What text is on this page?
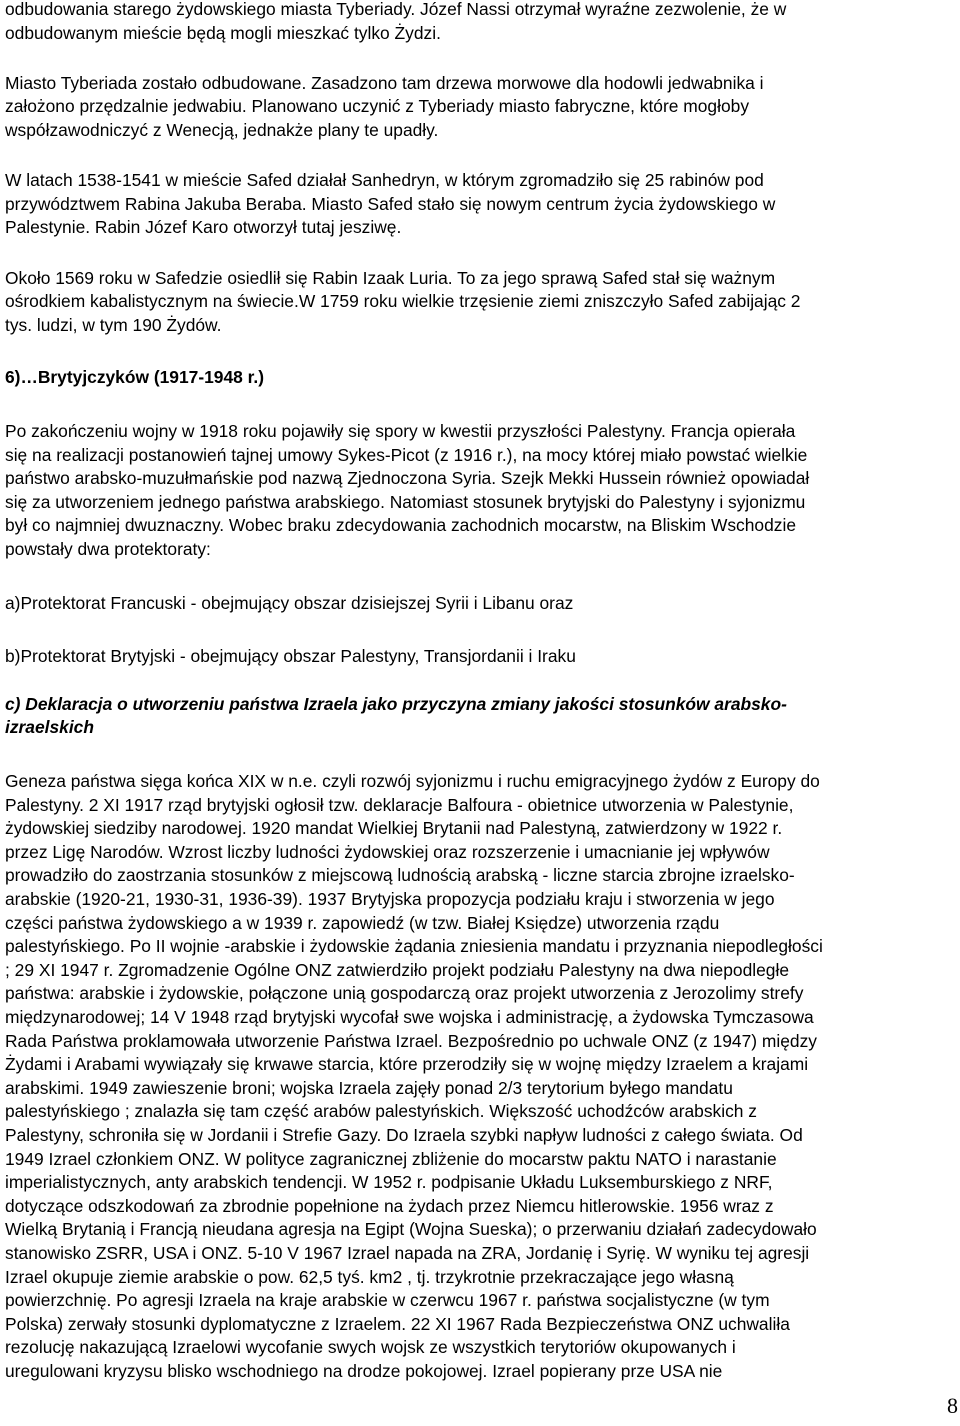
odbudowania starego żydowskiego miasta Tyberiady. Józef Nassi otrzymał wyraźne zezwolenie, że w
odbudowanym mieście będą mogli mieszkać tylko Żydzi.
Miasto Tyberiada zostało odbudowane. Zasadzono tam drzewa morwowe dla hodowli jedwabnika i
założono przędzalnie jedwabiu. Planowano uczynić z Tyberiady miasto fabryczne, które mogłoby
współzawodniczyć z Wenecją, jednakże plany te upadły.
W latach 1538-1541 w mieście Safed działał Sanhedryn, w którym zgromadziło się 25 rabinów pod
przywództwem Rabina Jakuba Beraba. Miasto Safed stało się nowym centrum życia żydowskiego w
Palestynie. Rabin Józef Karo otworzył tutaj jesziwę.
Około 1569 roku w Safedzie osiedlił się Rabin Izaak Luria. To za jego sprawą Safed stał się ważnym
ośrodkiem kabalistycznym na świecie.W 1759 roku wielkie trzęsienie ziemi zniszczyło Safed zabijając 2
tys. ludzi, w tym 190 Żydów.
6)…Brytyjczyków (1917-1948 r.)
Po zakończeniu wojny w 1918 roku pojawiły się spory w kwestii przyszłości Palestyny. Francja opierała
się na realizacji postanowień tajnej umowy Sykes-Picot (z 1916 r.), na mocy której miało powstać wielkie
państwo arabsko-muzułmańskie pod nazwą Zjednoczona Syria. Szejk Mekki Hussein również opowiadał
się za utworzeniem jednego państwa arabskiego. Natomiast stosunek brytyjski do Palestyny i syjonizmu
był co najmniej dwuznaczny. Wobec braku zdecydowania zachodnich mocarstw, na Bliskim Wschodzie
powstały dwa protektoraty:
a)Protektorat Francuski - obejmujący obszar dzisiejszej Syrii i Libanu oraz
b)Protektorat Brytyjski - obejmujący obszar Palestyny, Transjordanii i Iraku
c) Deklaracja o utworzeniu państwa Izraela jako przyczyna zmiany jakości stosunków arabsko-
izraelskich
Geneza państwa sięga końca XIX w n.e. czyli rozwój syjonizmu i ruchu emigracyjnego żydów z Europy do
Palestyny. 2 XI 1917 rząd brytyjski ogłosił tzw. deklaracje Balfoura - obietnice utworzenia w Palestynie,
żydowskiej siedziby narodowej. 1920 mandat Wielkiej Brytanii nad Palestyną, zatwierdzony w 1922 r.
przez Ligę Narodów. Wzrost liczby ludności żydowskiej oraz rozszerzenie i umacnianie jej wpływów
prowadziło do zaostrzania stosunków z miejscową ludnością arabską - liczne starcia zbrojne izraelsko-
arabskie (1920-21, 1930-31, 1936-39). 1937 Brytyjska propozycja podziału kraju i stworzenia w jego
części państwa żydowskiego a w 1939 r. zapowiedź (w tzw. Białej Księdze) utworzenia rządu
palestyńskiego. Po II wojnie -arabskie i żydowskie żądania zniesienia mandatu i przyznania niepodległości
; 29 XI 1947 r. Zgromadzenie Ogólne ONZ zatwierdziło projekt podziału Palestyny na dwa niepodległe
państwa: arabskie i żydowskie, połączone unią gospodarczą oraz projekt utworzenia z Jerozolimy strefy
międzynarodowej; 14 V 1948 rząd brytyjski wycofał swe wojska i administrację, a żydowska Tymczasowa
Rada Państwa proklamowała utworzenie Państwa Izrael. Bezpośrednio po uchwale ONZ (z 1947) między
Żydami i Arabami wywiązały się krwawe starcia, które przerodziły się w wojnę między Izraelem a krajami
arabskimi. 1949 zawieszenie broni; wojska Izraela zajęły ponad 2/3 terytorium byłego mandatu
palestyńskiego ; znalazła się tam część arabów palestyńskich. Większość uchodźców arabskich z
Palestyny, schroniła się w Jordanii i Strefie Gazy. Do Izraela szybki napływ ludności z całego świata. Od
1949 Izrael członkiem ONZ. W polityce zagranicznej zbliżenie do mocarstw paktu NATO i narastanie
imperialistycznych, anty arabskich tendencji. W 1952 r. podpisanie Układu Luksemburskiego z NRF,
dotyczące odszkodowań za zbrodnie popełnione na żydach przez Niemcu hitlerowskie. 1956 wraz z
Wielką Brytanią i Francją nieudana agresja na Egipt (Wojna Sueska); o przerwaniu działań zadecydowało
stanowisko ZSRR, USA i ONZ. 5-10 V 1967 Izrael napada na ZRA, Jordanię i Syrię. W wyniku tej agresji
Izrael okupuje ziemie arabskie o pow. 62,5 tyś. km2 , tj. trzykrotnie przekraczające jego własną
powierzchnię. Po agresji Izraela na kraje arabskie w czerwcu 1967 r. państwa socjalistyczne (w tym
Polska) zerwały stosunki dyplomatyczne z Izraelem. 22 XI 1967 Rada Bezpieczeństwa ONZ uchwaliła
rezolucję nakazującą Izraelowi wycofanie swych wojsk ze wszystkich terytoriów okupowanych i
uregulowani kryzysu blisko wschodniego na drodze pokojowej. Izrael popierany prze USA nie
8
